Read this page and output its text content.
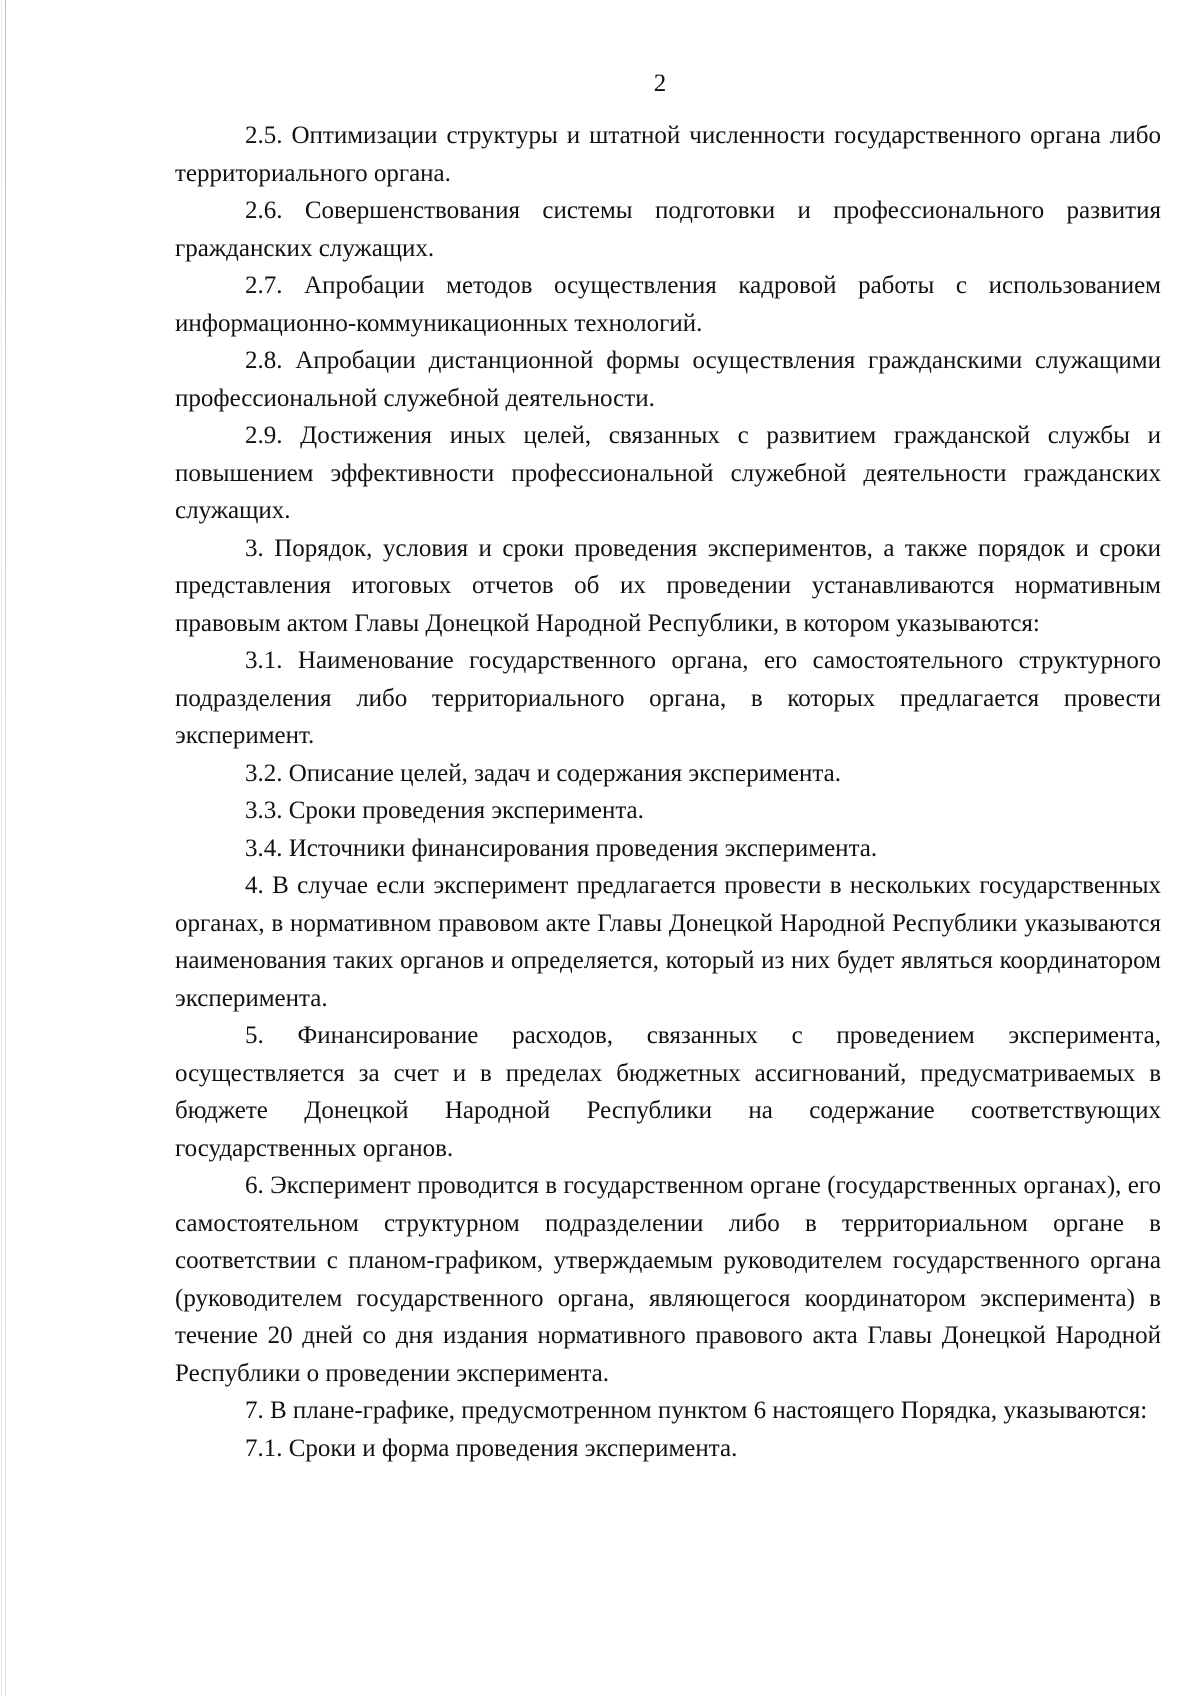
2

2.5. Оптимизации структуры и штатной численности государственного органа либо территориального органа.

2.6. Совершенствования системы подготовки и профессионального развития гражданских служащих.

2.7. Апробации методов осуществления кадровой работы с использованием информационно-коммуникационных технологий.

2.8. Апробации дистанционной формы осуществления гражданскими служащими профессиональной служебной деятельности.

2.9. Достижения иных целей, связанных с развитием гражданской службы и повышением эффективности профессиональной служебной деятельности гражданских служащих.

3. Порядок, условия и сроки проведения экспериментов, а также порядок и сроки представления итоговых отчетов об их проведении устанавливаются нормативным правовым актом Главы Донецкой Народной Республики, в котором указываются:

3.1. Наименование государственного органа, его самостоятельного структурного подразделения либо территориального органа, в которых предлагается провести эксперимент.

3.2. Описание целей, задач и содержания эксперимента.

3.3. Сроки проведения эксперимента.

3.4. Источники финансирования проведения эксперимента.

4. В случае если эксперимент предлагается провести в нескольких государственных органах, в нормативном правовом акте Главы Донецкой Народной Республики указываются наименования таких органов и определяется, который из них будет являться координатором эксперимента.

5. Финансирование расходов, связанных с проведением эксперимента, осуществляется за счет и в пределах бюджетных ассигнований, предусматриваемых в бюджете Донецкой Народной Республики на содержание соответствующих государственных органов.

6. Эксперимент проводится в государственном органе (государственных органах), его самостоятельном структурном подразделении либо в территориальном органе в соответствии с планом-графиком, утверждаемым руководителем государственного органа (руководителем государственного органа, являющегося координатором эксперимента) в течение 20 дней со дня издания нормативного правового акта Главы Донецкой Народной Республики о проведении эксперимента.

7. В плане-графике, предусмотренном пунктом 6 настоящего Порядка, указываются:

7.1. Сроки и форма проведения эксперимента.
